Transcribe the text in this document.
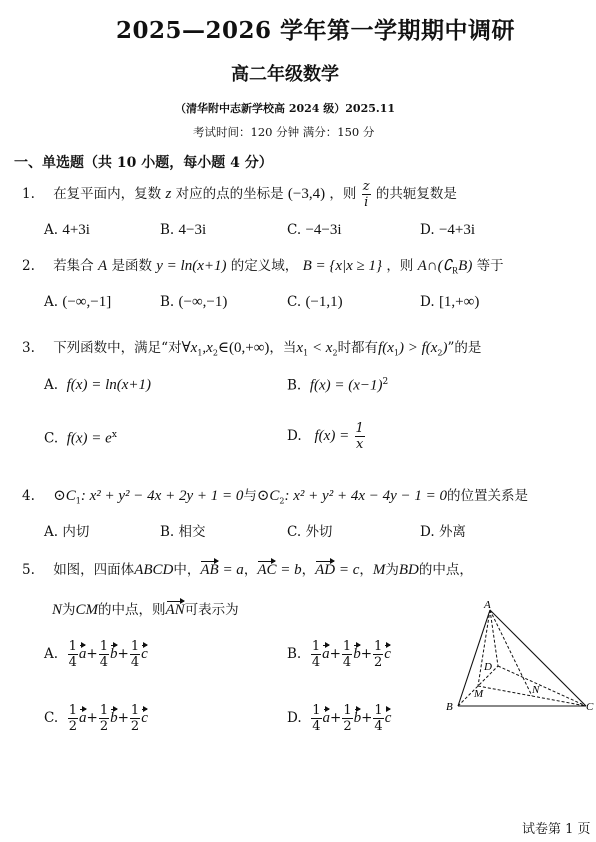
2025—2026 学年第一学期期中调研
高二年级数学
（清华附中志新学校高 2024 级）2025.11
考试时间：120 分钟 满分：150 分
一、单选题（共 10 小题，每小题 4 分）
1. 在复平面内，复数 z 对应的点的坐标是 (−3,4) ，则 $\frac{z}{i}$ 的共轭复数是
A. 4+3i	B. 4−3i	C. −4−3i	D. −4+3i
2. 若集合 A 是函数 y = ln(x+1) 的定义域， B = {x|x ≥ 1} ，则 $A\cap(∁_RB)$ 等于
A. (−∞,−1]	B. (−∞,−1)	C. (−1,1)	D. [1,+∞)
3. 下列函数中，满足“对$\forall x_1,x_2\in(0,+\infty)$，当$x_1 < x_2$时都有$f(x_1) > f(x_2)$”的是
A. f(x) = ln(x+1)	B. $f(x) = (x-1)^2$
C. $f(x) = e^x$	D. $f(x) = \frac{1}{x}$
4. $⊙C_1$: x² + y² − 4x + 2y + 1 = 0与$⊙C_2$: x² + y² + 4x − 4y − 1 = 0的位置关系是
A. 内切	B. 相交	C. 外切	D. 外离
5. 如图，四面体ABCD中，AB = a，AC = b，AD = c，M为BD的中点，
N为CM的中点，则AN可表示为
A. $\frac{1}{4} a+ \frac{1}{4} b+ \frac{1}{4}$ c	B. $\frac{1}{4} a+ \frac{1}{4} b+ \frac{1}{2}$ c
C. $\frac{1}{2} a+ \frac{1}{2} b+ \frac{1}{2}$ c	D. $\frac{1}{4} a+ \frac{1}{2} b+ \frac{1}{4}$ c
A
B	C
D
M	N
试卷第 1 页
